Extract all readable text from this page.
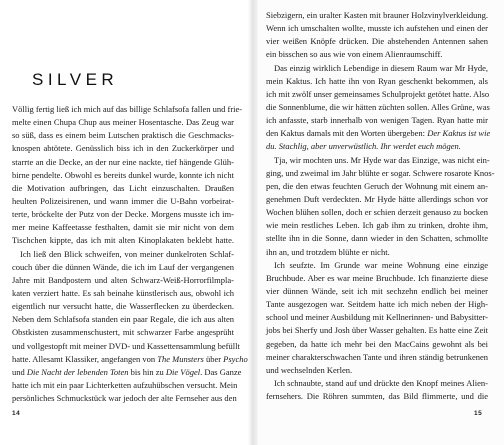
SILVER
Völlig fertig ließ ich mich auf das billige Schlafsofa fallen und frie-
melte einen Chupa Chup aus meiner Hosentasche. Das Zeug war
so süß, dass es einem beim Lutschen praktisch die Geschmacks-
knospen abtötete. Genüsslich biss ich in den Zuckerkörper und
starrte an die Decke, an der nur eine nackte, tief hängende Glüh-
birne pendelte. Obwohl es bereits dunkel wurde, konnte ich nicht
die Motivation aufbringen, das Licht einzuschalten. Draußen
heulten Polizeisirenen, und wann immer die U-Bahn vorbeirat-
terte, bröckelte der Putz von der Decke. Morgens musste ich im-
mer meine Kaffeetasse festhalten, damit sie mir nicht von dem
Tischchen kippte, das ich mit alten Kinoplakaten beklebt hatte.
Ich ließ den Blick schweifen, von meiner dunkelroten Schlaf-
couch über die dünnen Wände, die ich im Lauf der vergangenen
Jahre mit Bandpostern und alten Schwarz-Weiß-Horrorfilmpla-
katen verziert hatte. Es sah beinahe künstlerisch aus, obwohl ich
eigentlich nur versucht hatte, die Wasserflecken zu überdecken.
Neben dem Schlafsofa standen ein paar Regale, die ich aus alten
Obstkisten zusammenschustert, mit schwarzer Farbe angesprüht
und vollgestopft mit meiner DVD- und Kassettensammlung befüllt
hatte. Allesamt Klassiker, angefangen von The Munsters über Psycho
und Die Nacht der lebenden Toten bis hin zu Die Vögel. Das Ganze
hatte ich mit ein paar Lichterketten aufzuhübschen versucht. Mein
persönliches Schmuckstück war jedoch der alte Fernseher aus den
14
Siebzigern, ein uralter Kasten mit brauner Holzvinylverkleidung.
Wenn ich umschalten wollte, musste ich aufstehen und einen der
vier weißen Knöpfe drücken. Die abstehenden Antennen sahen
ein bisschen so aus wie von einem Alienraumschiff.
Das einzig wirklich Lebendige in diesem Raum war Mr Hyde,
mein Kaktus. Ich hatte ihn von Ryan geschenkt bekommen, als
ich mit zwölf unser gemeinsames Schulprojekt getötet hatte. Also
die Sonnenblume, die wir hätten züchten sollen. Alles Grüne, was
ich anfasste, starb innerhalb von wenigen Tagen. Ryan hatte mir
den Kaktus damals mit den Worten übergeben: Der Kaktus ist wie
du. Stachlig, aber unverwüstlich. Ihr werdet euch mögen.
Tja, wir mochten uns. Mr Hyde war das Einzige, was nicht ein-
ging, und zweimal im Jahr blühte er sogar. Schwere rosarote Knos-
pen, die den etwas feuchten Geruch der Wohnung mit einem an-
genehmen Duft verdeckten. Mr Hyde hätte allerdings schon vor
Wochen blühen sollen, doch er schien derzeit genauso zu bocken
wie mein restliches Leben. Ich gab ihm zu trinken, drohte ihm,
stellte ihn in die Sonne, dann wieder in den Schatten, schmollte
ihn an, und trotzdem blühte er nicht.
Ich seufzte. Im Grunde war meine Wohnung eine einzige
Bruchbude. Aber es war meine Bruchbude. Ich finanzierte diese
vier dünnen Wände, seit ich mit sechzehn endlich bei meiner
Tante ausgezogen war. Seitdem hatte ich mich neben der High-
school und meiner Ausbildung mit Kellnerinnen- und Babysitter-
jobs bei Sherfy und Josh über Wasser gehalten. Es hatte eine Zeit
gegeben, da hatte ich mehr bei den MacCains gewohnt als bei
meiner charakterschwachen Tante und ihren ständig betrunkenen
und wechselnden Kerlen.
Ich schnaubte, stand auf und drückte den Knopf meines Alien-
fernsehers. Die Röhren summten, das Bild flimmerte, und die
15
